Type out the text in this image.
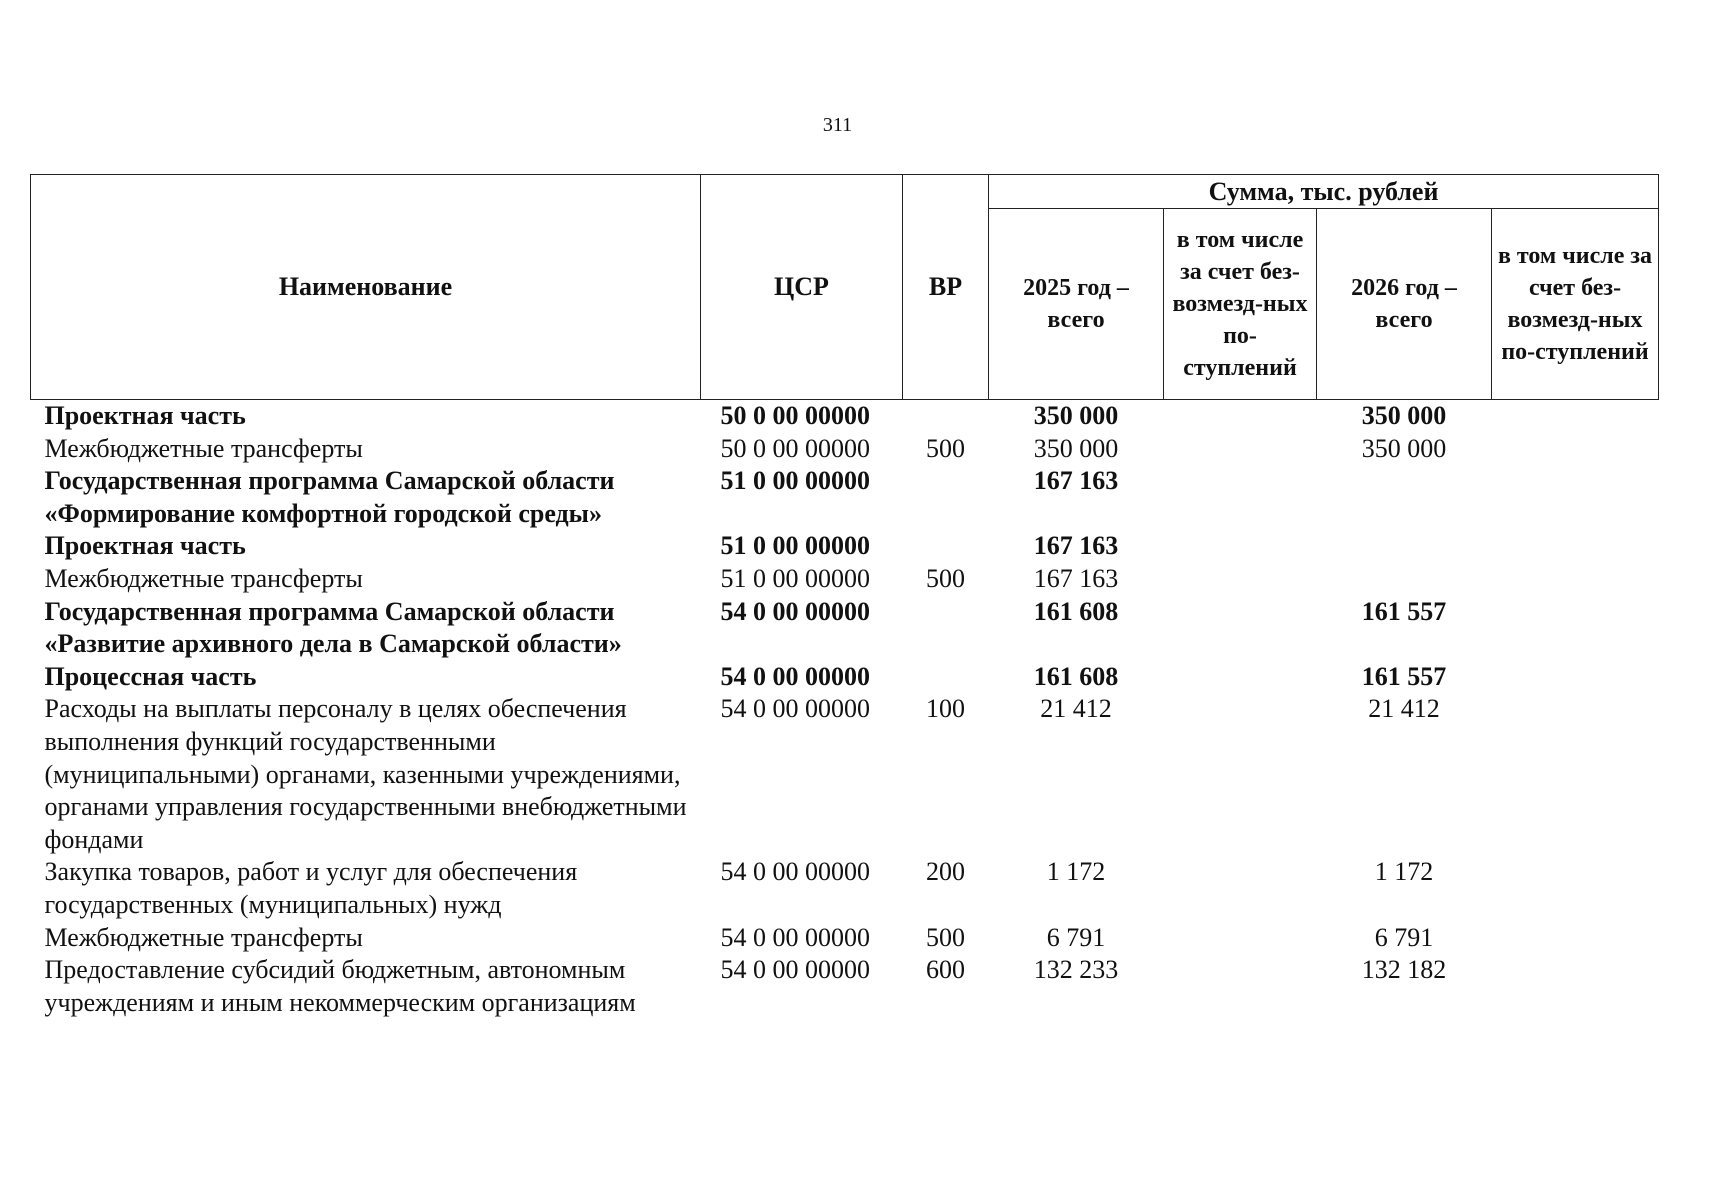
311
Наименование	ЦСР	ВР	Сумма, тыс. рублей			
			2025 год – всего	в том числе за счет без-возмезд-ных по-ступлений	2026 год – всего	в том числе за счет без-возмезд-ных по-ступлений
Проектная часть	50 0 00 00000		350 000		350 000	
Межбюджетные трансферты	50 0 00 00000	500	350 000		350 000	
Государственная программа Самарской области «Формирование комфортной городской среды»	51 0 00 00000		167 163			
Проектная часть	51 0 00 00000		167 163			
Межбюджетные трансферты	51 0 00 00000	500	167 163			
Государственная программа Самарской области «Развитие архивного дела в Самарской области»	54 0 00 00000		161 608		161 557	
Процессная часть	54 0 00 00000		161 608		161 557	
Расходы на выплаты персоналу в целях обеспечения выполнения функций государственными (муниципальными) органами, казенными учреждениями, органами управления государственными внебюджетными фондами	54 0 00 00000	100	21 412		21 412	
Закупка товаров, работ и услуг для обеспечения государственных (муниципальных) нужд	54 0 00 00000	200	1 172		1 172	
Межбюджетные трансферты	54 0 00 00000	500	6 791		6 791	
Предоставление субсидий бюджетным, автономным учреждениям и иным некоммерческим организациям	54 0 00 00000	600	132 233		132 182	
